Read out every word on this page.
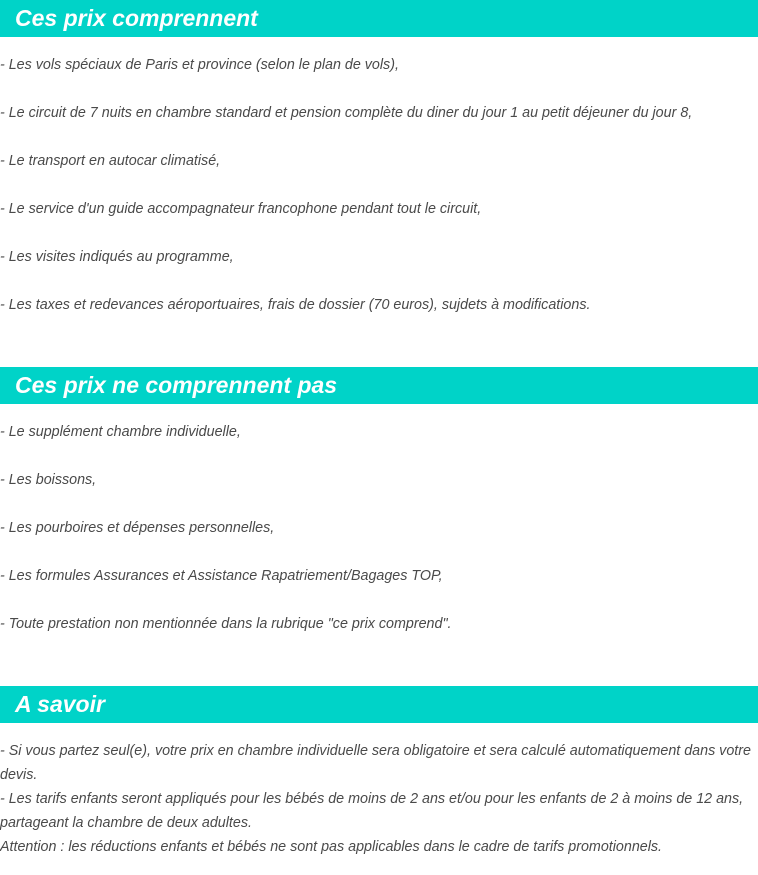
Ces prix comprennent
- Les vols spéciaux de Paris et province (selon le plan de vols),
- Le circuit de 7 nuits en chambre standard et pension complète du diner du jour 1 au petit déjeuner du jour 8,
- Le transport en autocar climatisé,
- Le service d'un guide accompagnateur francophone pendant tout le circuit,
- Les visites indiqués au programme,
- Les taxes et redevances aéroportuaires, frais de dossier (70 euros), sujdets à modifications.
Ces prix ne comprennent pas
- Le supplément chambre individuelle,
- Les boissons,
- Les pourboires et dépenses personnelles,
- Les formules Assurances et Assistance Rapatriement/Bagages TOP,
- Toute prestation non mentionnée dans la rubrique "ce prix comprend".
A savoir
- Si vous partez seul(e), votre prix en chambre individuelle sera obligatoire et sera calculé automatiquement dans votre devis.
- Les tarifs enfants seront appliqués pour les bébés de moins de 2 ans et/ou pour les enfants de 2 à moins de 12 ans, partageant la chambre de deux adultes.
Attention : les réductions enfants et bébés ne sont pas applicables dans le cadre de tarifs promotionnels.
